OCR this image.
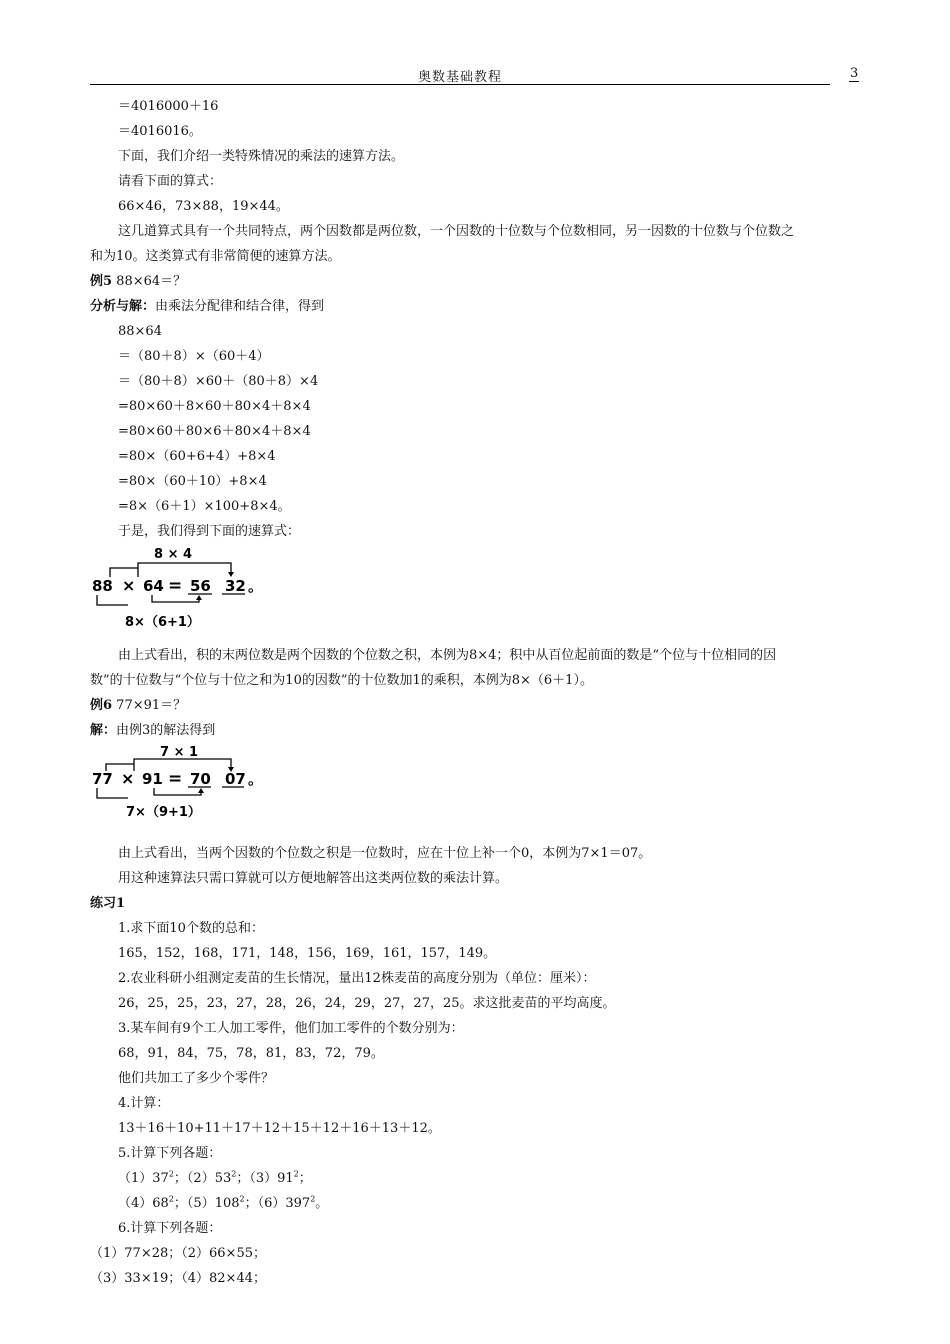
奥数基础教程	3
＝4016000＋16
＝4016016。
下面，我们介绍一类特殊情况的乘法的速算方法。
请看下面的算式：
66×46，73×88，19×44。
这几道算式具有一个共同特点，两个因数都是两位数，一个因数的十位数与个位数相同，另一因数的十位数与个位数之
和为10。这类算式有非常简便的速算方法。
例5 88×64＝？
分析与解：由乘法分配律和结合律，得到
88×64
＝（80＋8）×（60＋4）
＝（80＋8）×60＋（80＋8）×4
=80×60＋8×60＋80×4＋8×4
=80×60＋80×6＋80×4＋8×4
=80×（60+6+4）+8×4
=80×（60＋10）+8×4
=8×（6＋1）×100+8×4。
于是，我们得到下面的速算式：
8 × 4
88 × 64 = 56 32 。
8×（6+1）
由上式看出，积的末两位数是两个因数的个位数之积，本例为8×4；积中从百位起前面的数是“个位与十位相同的因
数”的十位数与“个位与十位之和为10的因数”的十位数加1的乘积，本例为8×（6＋1）。
例6 77×91＝？
解：由例3的解法得到
7 × 1
77 × 91 = 70 07 。
7×（9+1）
由上式看出，当两个因数的个位数之积是一位数时，应在十位上补一个0，本例为7×1＝07。
用这种速算法只需口算就可以方便地解答出这类两位数的乘法计算。
练习1
1.求下面10个数的总和：
165，152，168，171，148，156，169，161，157，149。
2.农业科研小组测定麦苗的生长情况，量出12株麦苗的高度分别为（单位：厘米）：
26，25，25，23，27，28，26，24，29，27，27，25。求这批麦苗的平均高度。
3.某车间有9个工人加工零件，他们加工零件的个数分别为：
68，91，84，75，78，81，83，72，79。
他们共加工了多少个零件？
4.计算：
13＋16＋10+11＋17＋12＋15＋12＋16＋13＋12。
5.计算下列各题：
$(1)37^2$；$(2)53^2$；$(3)91^2$；
$(4)68^2$；$(5)108^2$；$(6)397^2$。
6.计算下列各题：
（1）77×28；（2）66×55；
（3）33×19；（4）82×44；
